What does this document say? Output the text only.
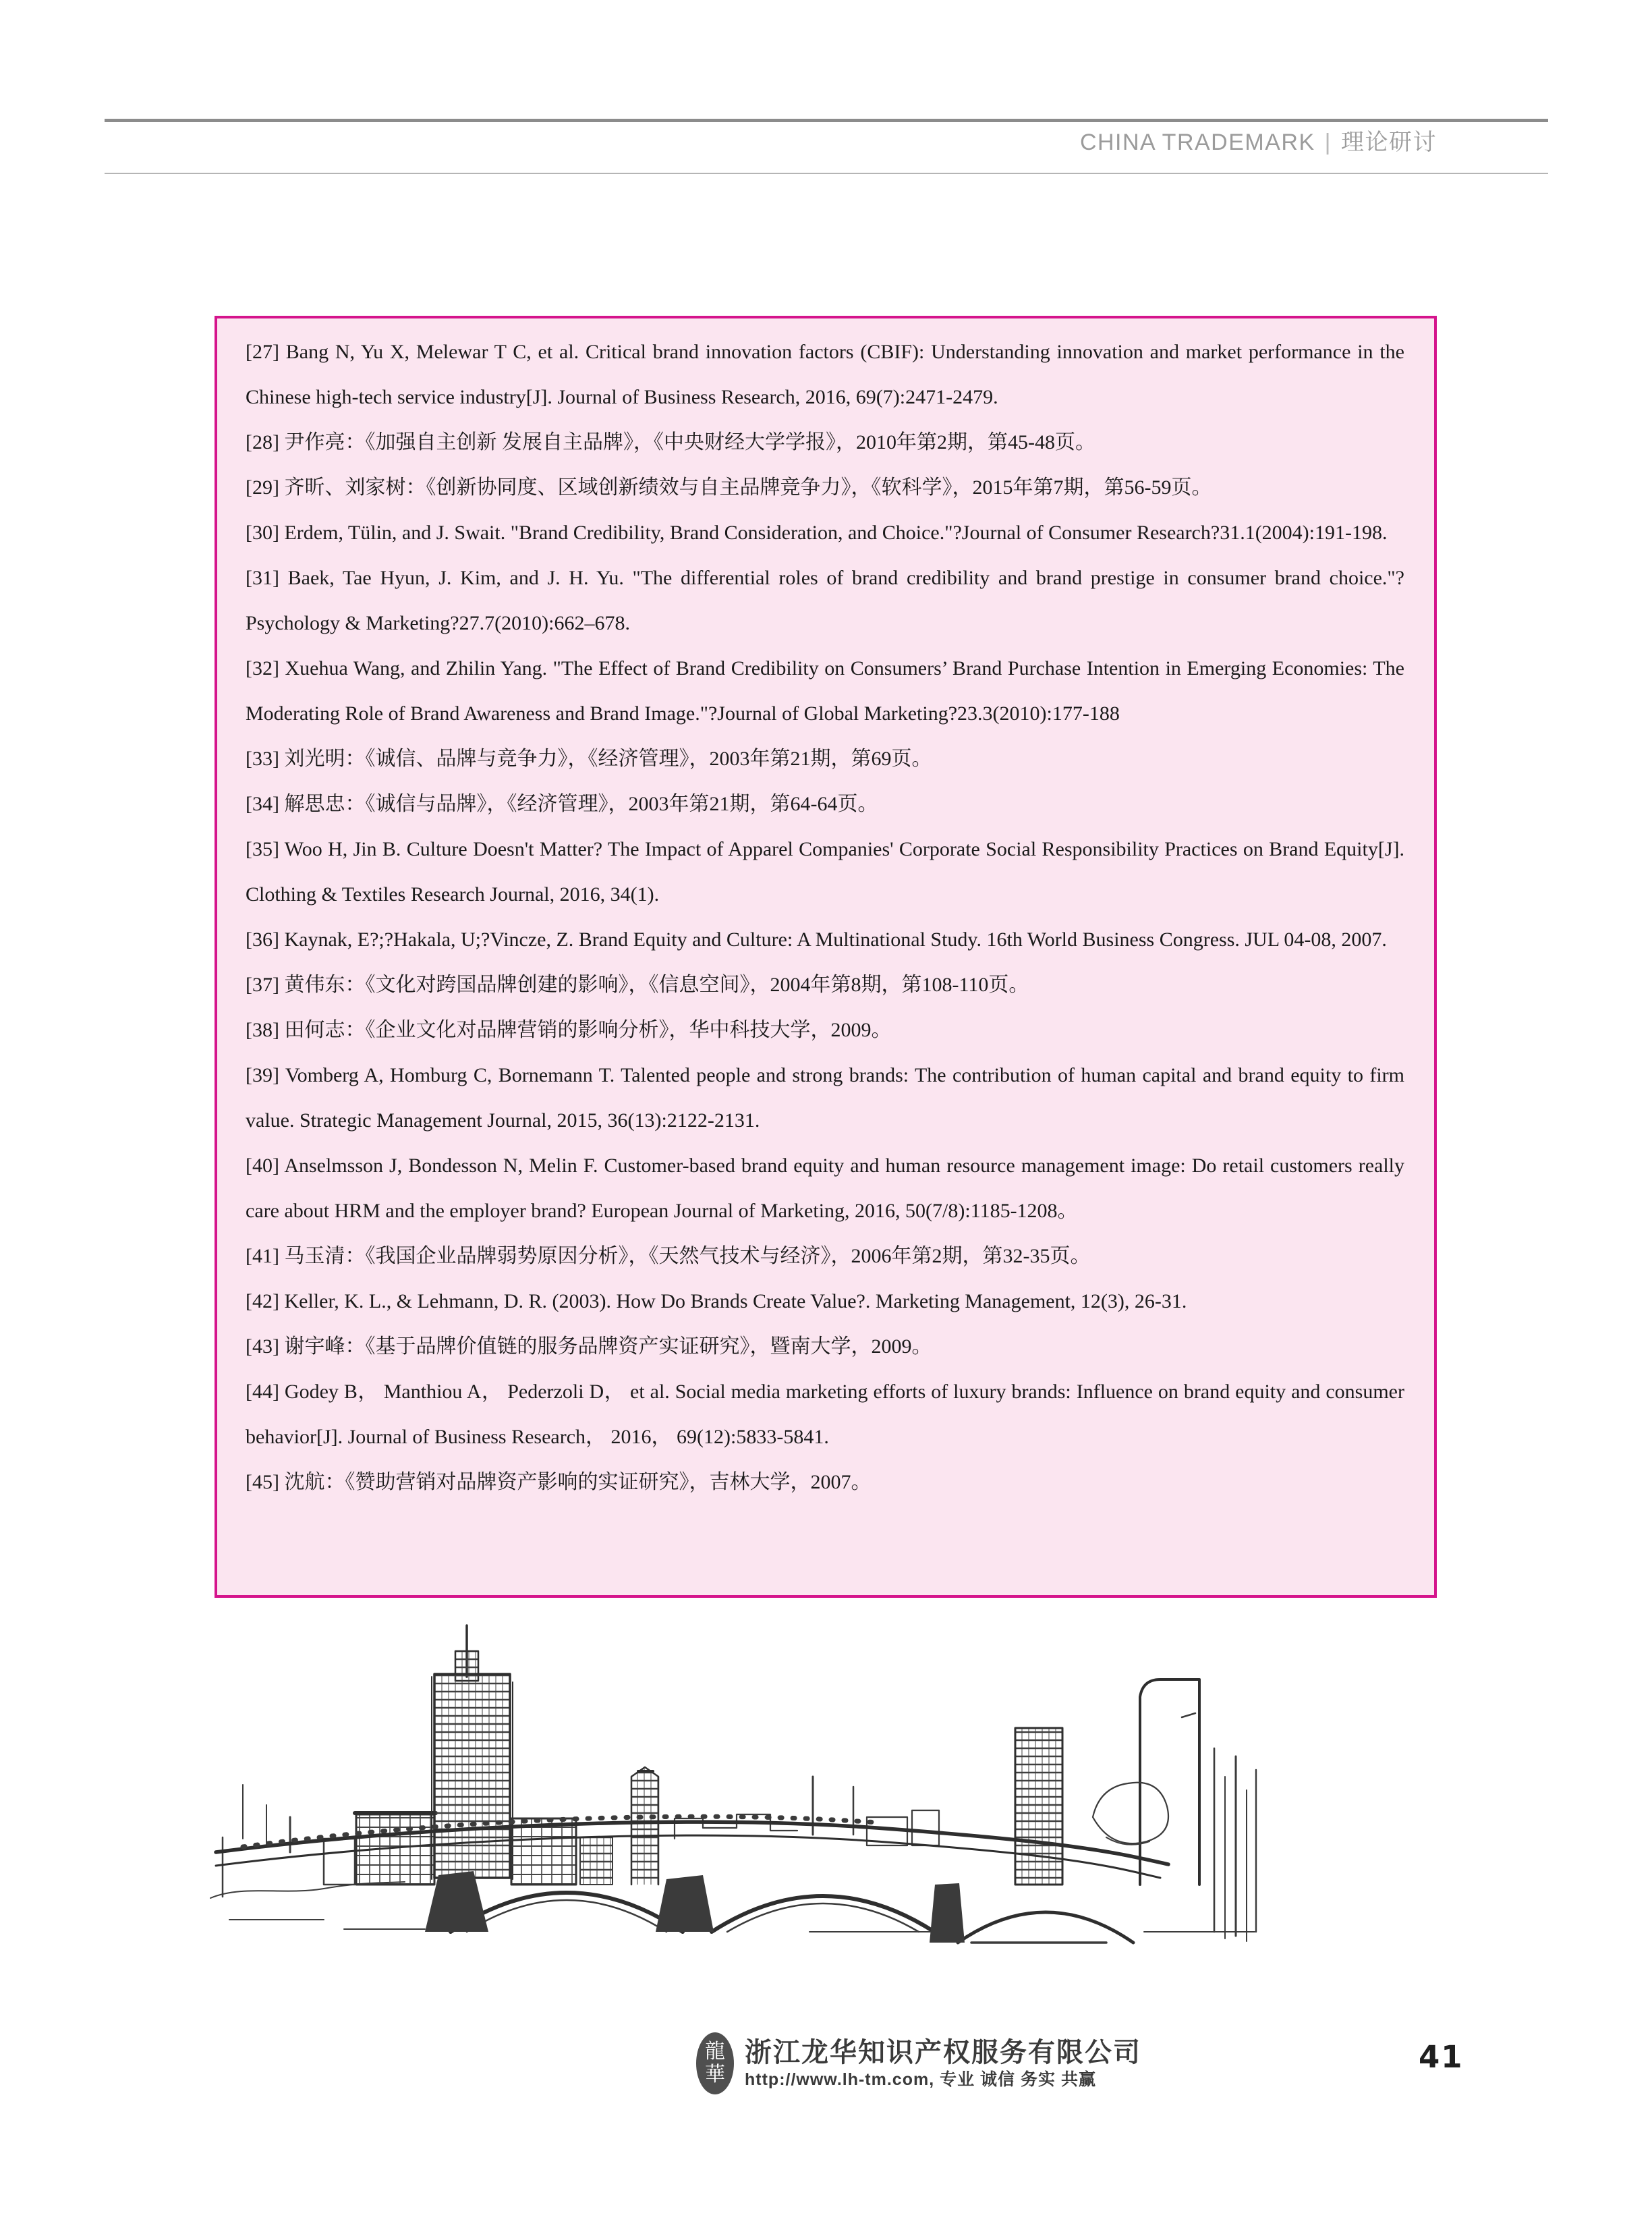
CHINA TRADEMARK | 理论研讨

[27] Bang N, Yu X, Melewar T C, et al. Critical brand innovation factors (CBIF): Understanding innovation and market performance in the Chinese high-tech service industry[J]. Journal of Business Research, 2016, 69(7):2471-2479.

[28] 尹作亮：《加强自主创新 发展自主品牌》，《中央财经大学学报》，2010年第2期，第45-48页。

[29] 齐昕、刘家树：《创新协同度、区域创新绩效与自主品牌竞争力》，《软科学》，2015年第7期，第56-59页。

[30] Erdem, Tülin, and J. Swait. "Brand Credibility, Brand Consideration, and Choice."?Journal of Consumer Research?31.1(2004):191-198.

[31] Baek, Tae Hyun, J. Kim, and J. H. Yu. "The differential roles of brand credibility and brand prestige in consumer brand choice."?Psychology & Marketing?27.7(2010):662–678.

[32] Xuehua Wang, and Zhilin Yang. "The Effect of Brand Credibility on Consumers’ Brand Purchase Intention in Emerging Economies: The Moderating Role of Brand Awareness and Brand Image."?Journal of Global Marketing?23.3(2010):177-188

[33] 刘光明：《诚信、品牌与竞争力》，《经济管理》，2003年第21期，第69页。

[34] 解思忠：《诚信与品牌》，《经济管理》，2003年第21期，第64-64页。

[35] Woo H, Jin B. Culture Doesn't Matter? The Impact of Apparel Companies' Corporate Social Responsibility Practices on Brand Equity[J]. Clothing & Textiles Research Journal, 2016, 34(1).

[36] Kaynak, E?;?Hakala, U;?Vincze, Z. Brand Equity and Culture: A Multinational Study. 16th World Business Congress. JUL 04-08, 2007.

[37] 黄伟东：《文化对跨国品牌创建的影响》，《信息空间》，2004年第8期，第108-110页。

[38] 田何志：《企业文化对品牌营销的影响分析》，华中科技大学，2009。

[39] Vomberg A, Homburg C, Bornemann T. Talented people and strong brands: The contribution of human capital and brand equity to firm value. Strategic Management Journal, 2015, 36(13):2122-2131.

[40] Anselmsson J, Bondesson N, Melin F. Customer-based brand equity and human resource management image: Do retail customers really care about HRM and the employer brand? European Journal of Marketing, 2016, 50(7/8):1185-1208。

[41] 马玉清：《我国企业品牌弱势原因分析》，《天然气技术与经济》，2006年第2期，第32-35页。

[42] Keller, K. L., & Lehmann, D. R. (2003). How Do Brands Create Value?. Marketing Management, 12(3), 26-31.

[43] 谢宇峰：《基于品牌价值链的服务品牌资产实证研究》，暨南大学，2009。

[44] Godey B， Manthiou A， Pederzoli D， et al. Social media marketing efforts of luxury brands: Influence on brand equity and consumer behavior[J]. Journal of Business Research， 2016， 69(12):5833-5841.

[45] 沈航：《赞助营销对品牌资产影响的实证研究》，吉林大学，2007。

龍
華
浙江龙华知识产权服务有限公司
http://www.lh-tm.com, 专业 诚信 务实 共赢
41
